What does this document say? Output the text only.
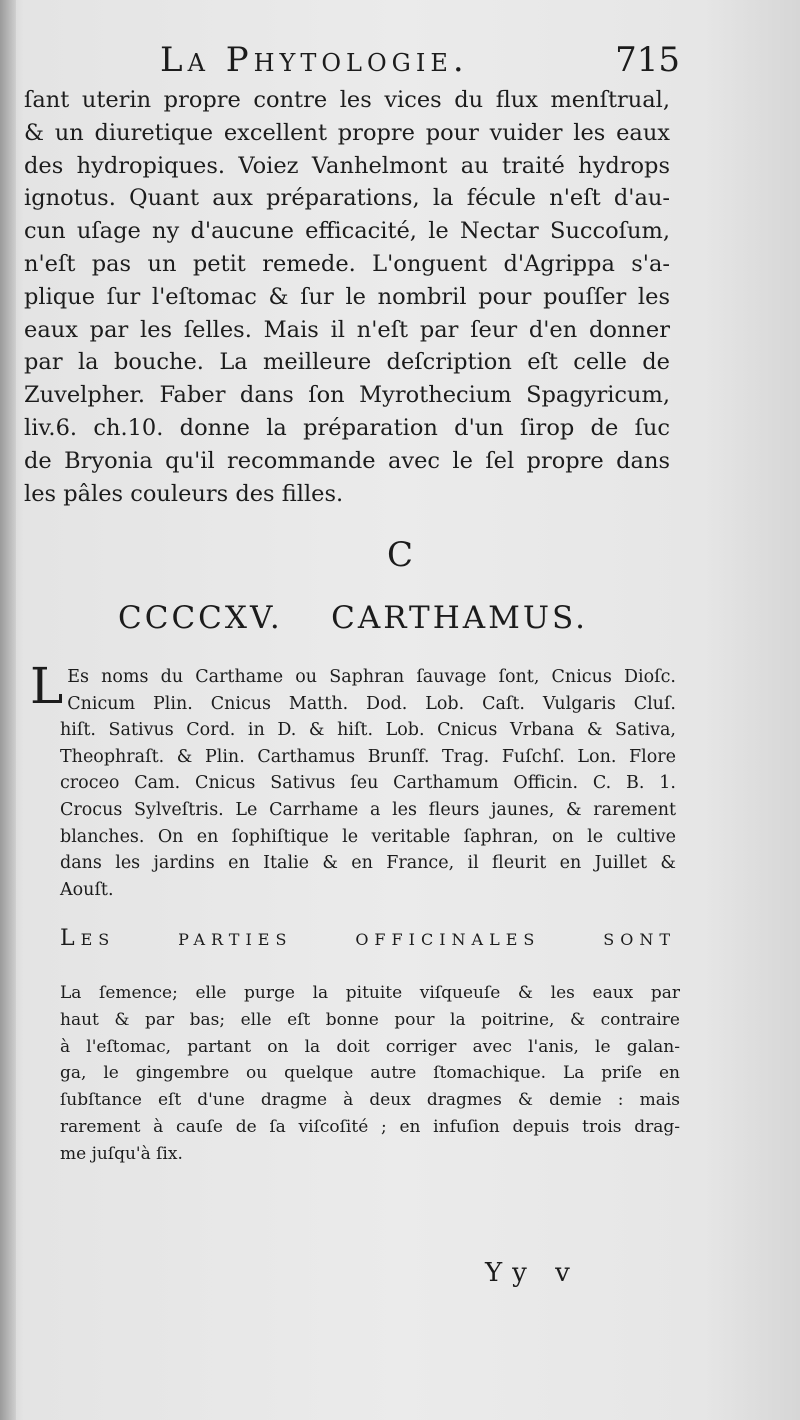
La Phytologie.	715
ſant uterin propre contre les vices du flux menſtrual,
& un diuretique excellent propre pour vuider les eaux
des hydropiques. Voiez Vanhelmont au traité hydrops
ignotus. Quant aux préparations, la fécule n'eſt d'au-
cun uſage ny d'aucune efficacité, le Nectar Succoſum,
n'eſt pas un petit remede. L'onguent d'Agrippa s'a-
plique ſur l'eſtomac & ſur le nombril pour pouſſer les
eaux par les ſelles. Mais il n'eſt par ſeur d'en donner
par la bouche. La meilleure deſcription eſt celle de
Zuvelpher. Faber dans ſon Myrothecium Spagyricum,
liv.6. ch.10. donne la préparation d'un ſirop de ſuc
de Bryonia qu'il recommande avec le ſel propre dans
les pâles couleurs des filles.
C
CCCCXV. CARTHAMUS.
L Es noms du Carthame ou Saphran ſauvage ſont, Cnicus Dioſc.
Cnicum Plin. Cnicus Matth. Dod. Lob. Caſt. Vulgaris Cluſ.
hiſt. Sativus Cord. in D. & hiſt. Lob. Cnicus Vrbana & Sativa,
Theophraſt. & Plin. Carthamus Brunſf. Trag. Fuſchſ. Lon. Flore
croceo Cam. Cnicus Sativus ſeu Carthamum Officin. C. B. 1.
Crocus Sylveſtris. Le Carrhame a les fleurs jaunes, & rarement
blanches. On en ſophiſtique le veritable ſaphran, on le cultive
dans les jardins en Italie & en France, il fleurit en Juillet &
Aouſt.
LES PARTIES OFFICINALES SONT
La ſemence; elle purge la pituite viſqueuſe & les eaux par
haut & par bas; elle eſt bonne pour la poitrine, & contraire
à l'eſtomac, partant on la doit corriger avec l'anis, le galan-
ga, le gingembre ou quelque autre ſtomachique. La priſe en
ſubſtance eſt d'une dragme à deux dragmes & demie : mais
rarement à cauſe de ſa viſcoſité ; en infuſion depuis trois drag-
me juſqu'à ſix.
Yy v
